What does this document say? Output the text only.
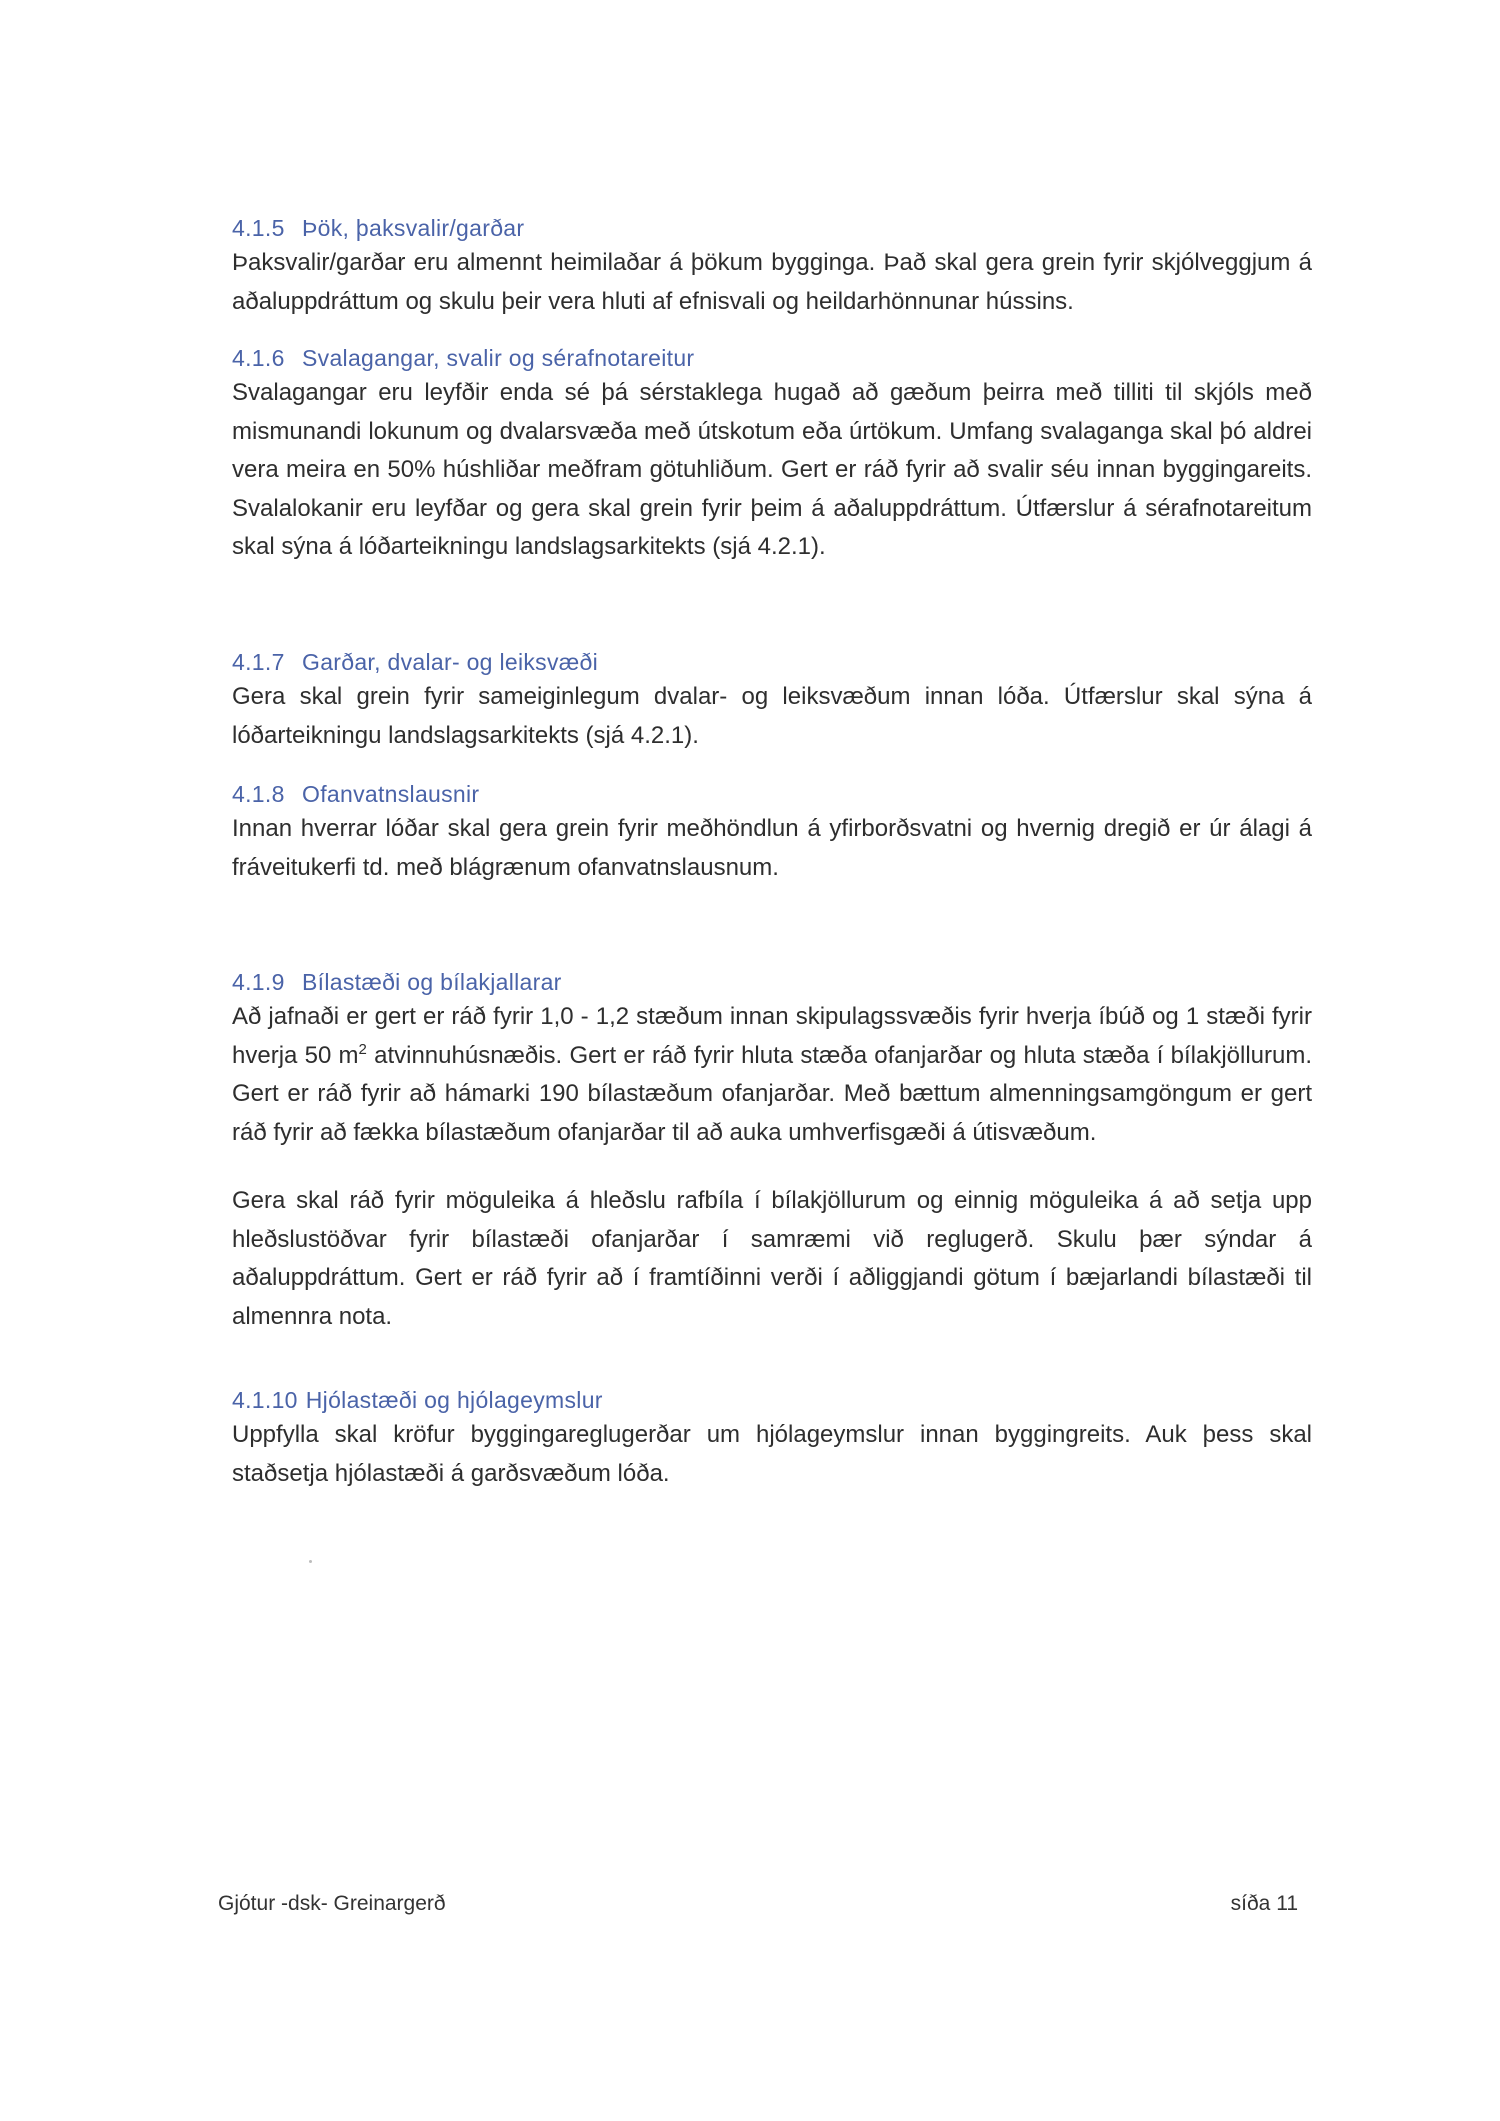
4.1.5 Þök, þaksvalir/garðar

Þaksvalir/garðar eru almennt heimilaðar á þökum bygginga. Það skal gera grein fyrir skjólveggjum á aðaluppdráttum og skulu þeir vera hluti af efnisvali og heildarhönnunar hússins.

4.1.6 Svalagangar, svalir og sérafnotareitur

Svalagangar eru leyfðir enda sé þá sérstaklega hugað að gæðum þeirra með tilliti til skjóls með mismunandi lokunum og dvalarsvæða með útskotum eða úrtökum. Umfang svalaganga skal þó aldrei vera meira en 50% húshliðar meðfram götuhliðum. Gert er ráð fyrir að svalir séu innan byggingareits. Svalalokanir eru leyfðar og gera skal grein fyrir þeim á aðaluppdráttum. Útfærslur á sérafnotareitum skal sýna á lóðarteikningu landslagsarkitekts (sjá 4.2.1).

4.1.7 Garðar, dvalar- og leiksvæði

Gera skal grein fyrir sameiginlegum dvalar- og leiksvæðum innan lóða. Útfærslur skal sýna á lóðarteikningu landslagsarkitekts (sjá 4.2.1).

4.1.8 Ofanvatnslausnir

Innan hverrar lóðar skal gera grein fyrir meðhöndlun á yfirborðsvatni og hvernig dregið er úr álagi á fráveitukerfi td. með blágrænum ofanvatnslausnum.

4.1.9 Bílastæði og bílakjallarar

Að jafnaði er gert er ráð fyrir 1,0 - 1,2 stæðum innan skipulagssvæðis fyrir hverja íbúð og 1 stæði fyrir hverja 50 $m^2$ atvinnuhúsnæðis. Gert er ráð fyrir hluta stæða ofanjarðar og hluta stæða í bílakjöllurum. Gert er ráð fyrir að hámarki 190 bílastæðum ofanjarðar. Með bættum almenningsamgöngum er gert ráð fyrir að fækka bílastæðum ofanjarðar til að auka umhverfisgæði á útisvæðum.

Gera skal ráð fyrir möguleika á hleðslu rafbíla í bílakjöllurum og einnig möguleika á að setja upp hleðslustöðvar fyrir bílastæði ofanjarðar í samræmi við reglugerð. Skulu þær sýndar á aðaluppdráttum. Gert er ráð fyrir að í framtíðinni verði í aðliggjandi götum í bæjarlandi bílastæði til almennra nota.

4.1.10 Hjólastæði og hjólageymslur

Uppfylla skal kröfur byggingareglugerðar um hjólageymslur innan byggingreits. Auk þess skal staðsetja hjólastæði á garðsvæðum lóða.

Gjótur -dsk- Greinargerð	síða 11
